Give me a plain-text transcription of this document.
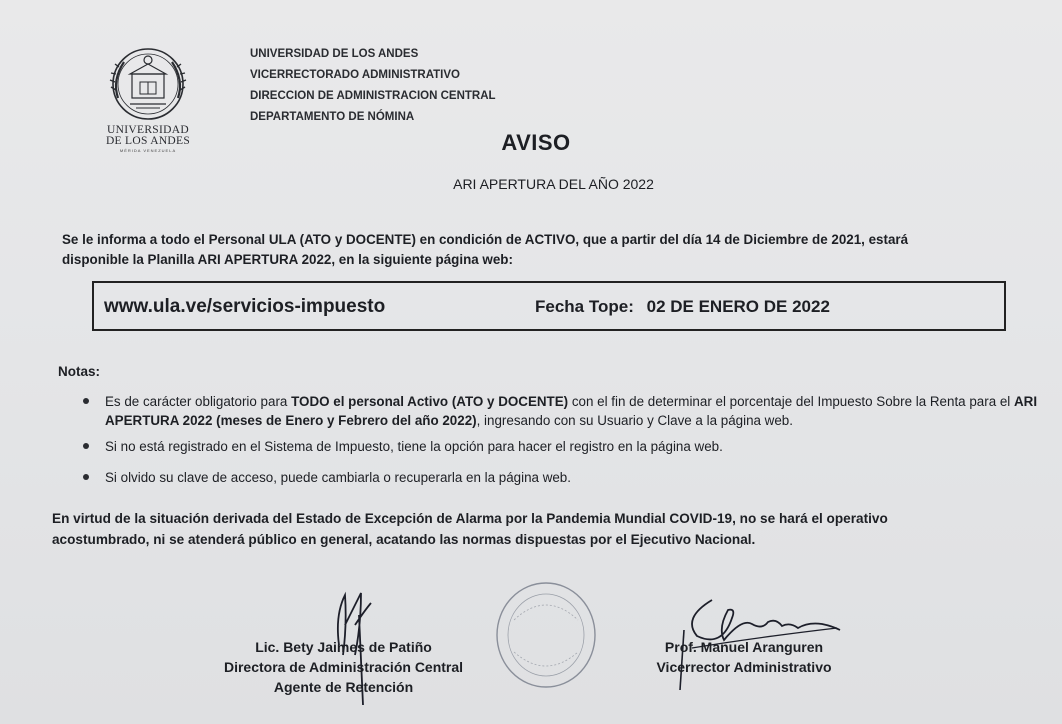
UNIVERSIDAD
DE LOS ANDES
MÉRIDA VENEZUELA
UNIVERSIDAD DE LOS ANDES
VICERRECTORADO ADMINISTRATIVO
DIRECCION DE ADMINISTRACION CENTRAL
DEPARTAMENTO DE NÓMINA
AVISO
ARI APERTURA DEL AÑO 2022
Se le informa a todo el Personal ULA (ATO y DOCENTE) en condición de ACTIVO, que a partir del día 14 de Diciembre de 2021, estará
disponible la Planilla ARI APERTURA 2022, en la siguiente página web:
www.ula.ve/servicios-impuesto	Fecha Tope: 02 DE ENERO DE 2022
Notas:
Es de carácter obligatorio para TODO el personal Activo (ATO y DOCENTE) con el fin de determinar el porcentaje del Impuesto Sobre la Renta para el ARI APERTURA 2022 (meses de Enero y Febrero del año 2022), ingresando con su Usuario y Clave a la página web.
Si no está registrado en el Sistema de Impuesto, tiene la opción para hacer el registro en la página web.
Si olvido su clave de acceso, puede cambiarla o recuperarla en la página web.
En virtud de la situación derivada del Estado de Excepción de Alarma por la Pandemia Mundial COVID-19, no se hará el operativo
acostumbrado, ni se atenderá público en general, acatando las normas dispuestas por el Ejecutivo Nacional.
Lic. Bety Jaimes de Patiño
Directora de Administración Central
Agente de Retención
Prof. Manuel Aranguren
Vicerrector Administrativo
